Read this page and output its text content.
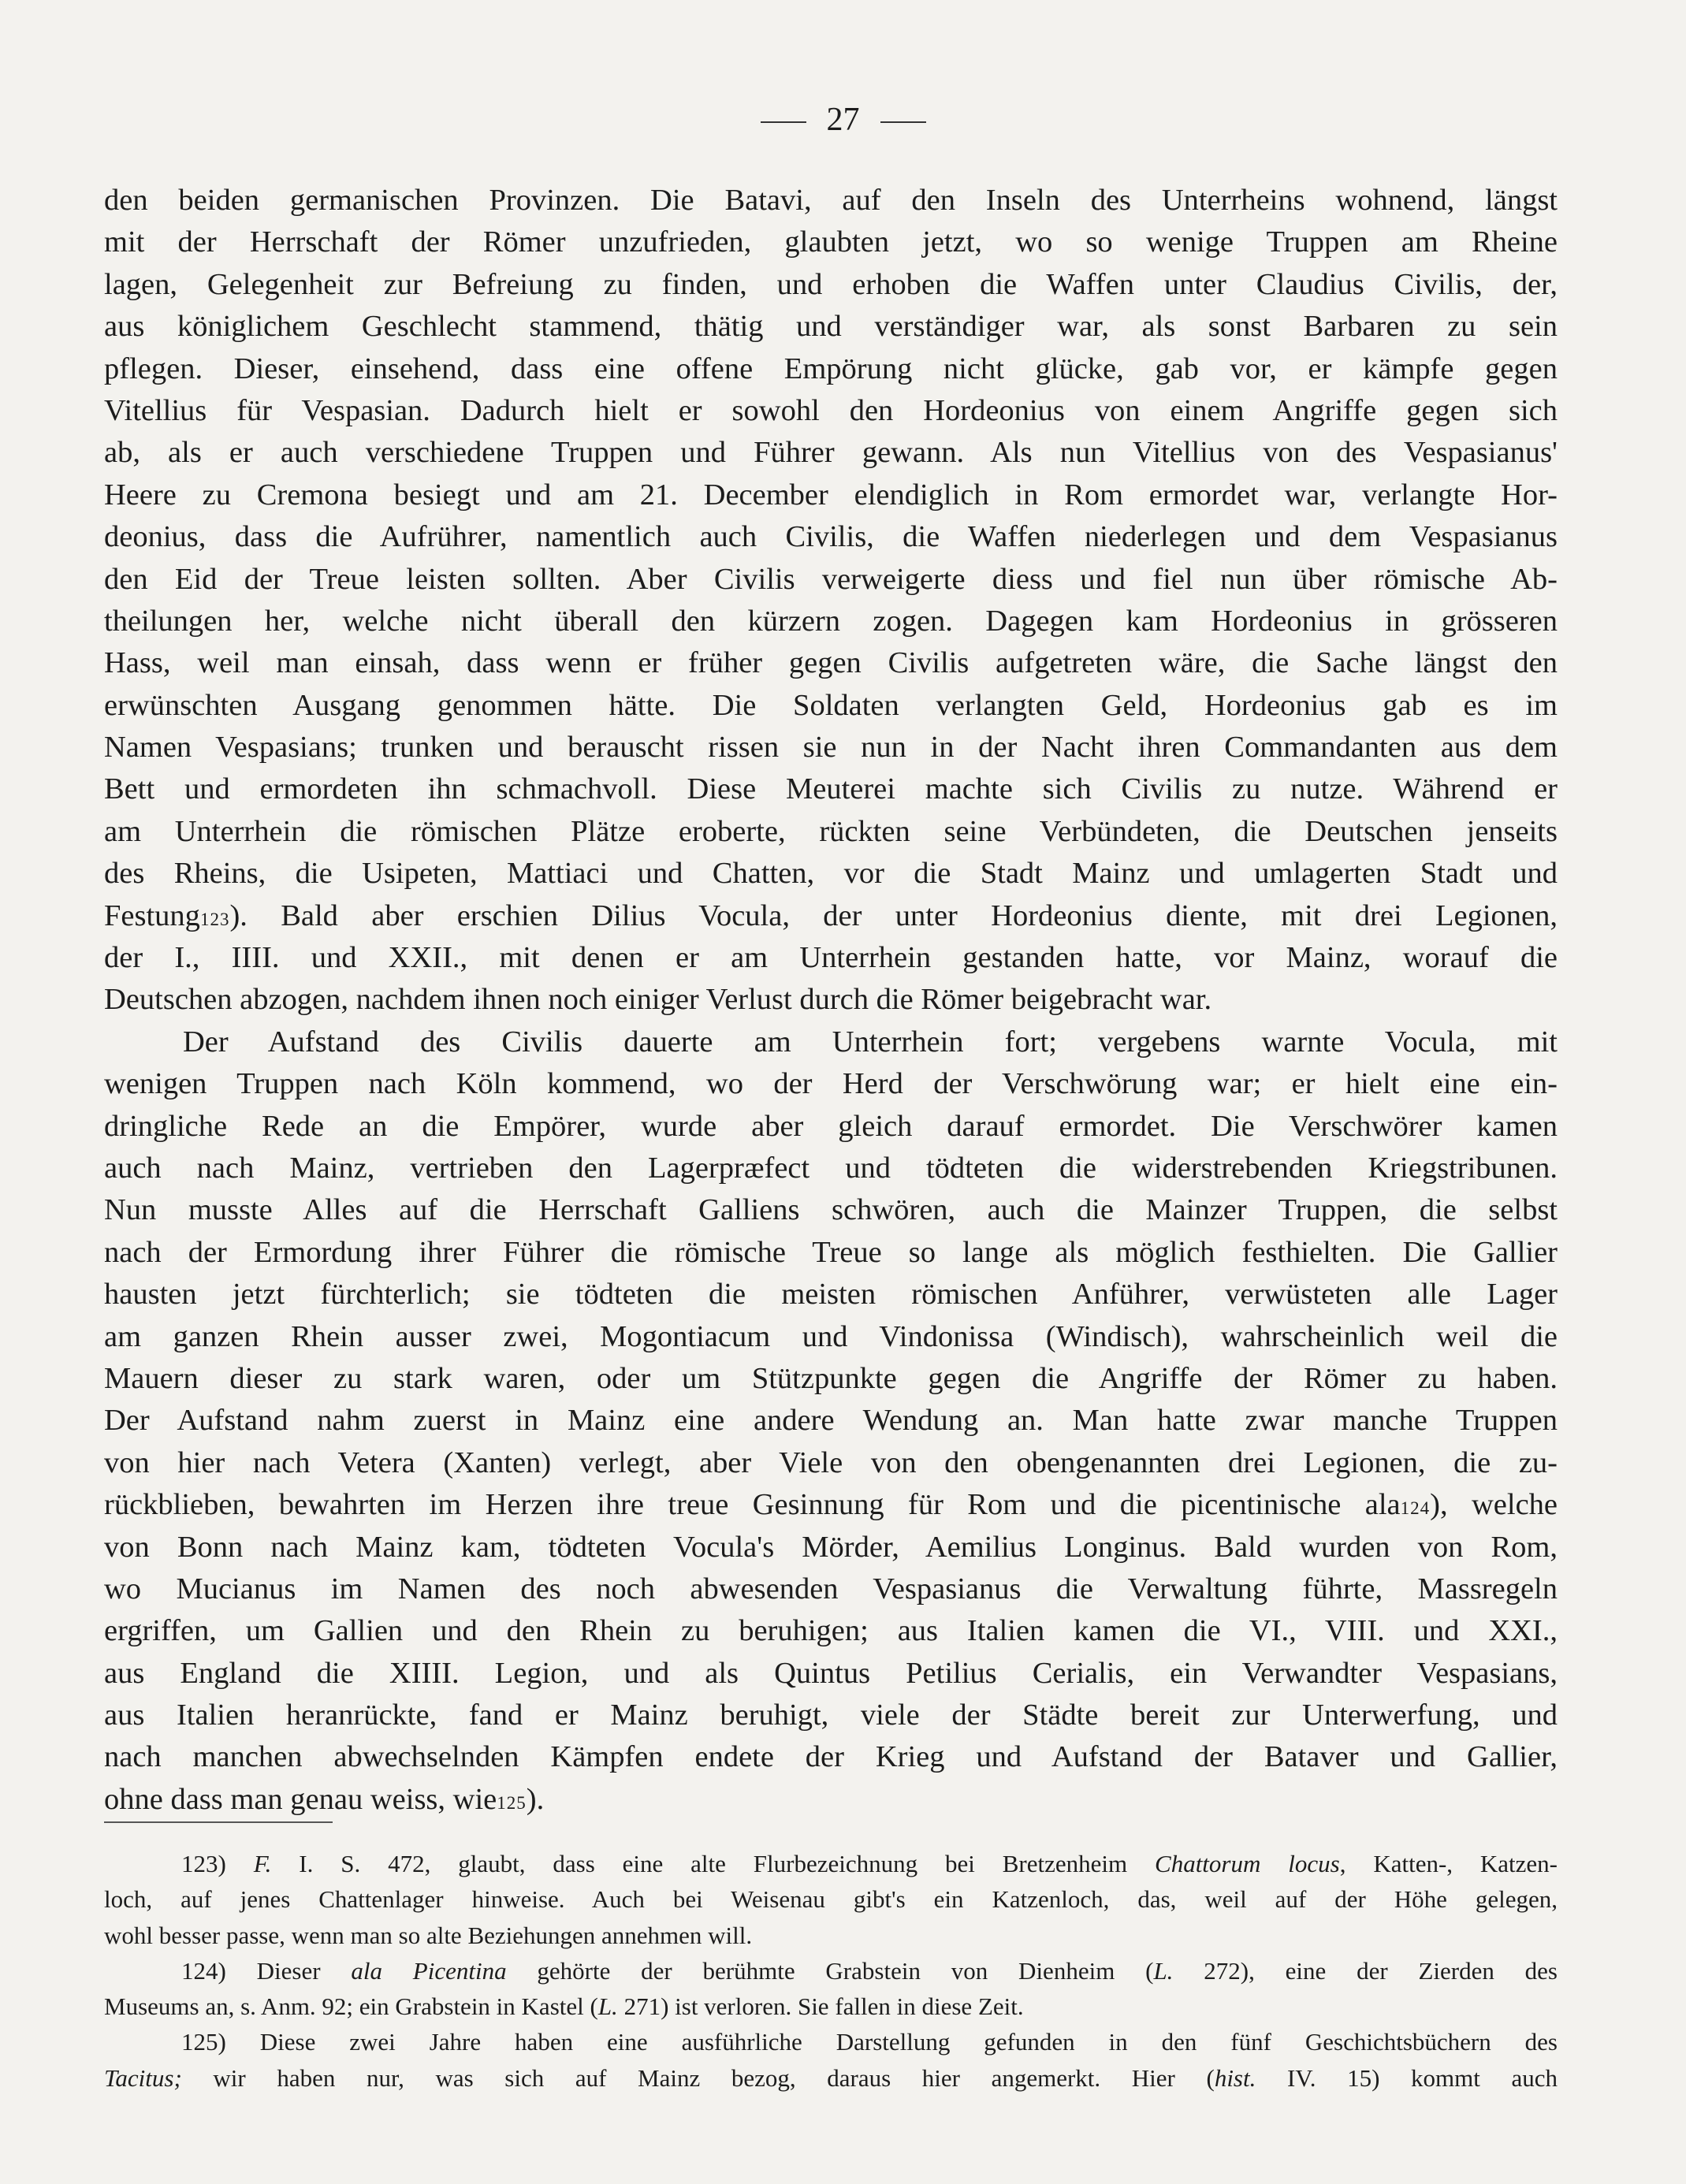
27
den beiden germanischen Provinzen. Die Batavi, auf den Inseln des Unterrheins wohnend, längst
mit der Herrschaft der Römer unzufrieden, glaubten jetzt, wo so wenige Truppen am Rheine
lagen, Gelegenheit zur Befreiung zu finden, und erhoben die Waffen unter Claudius Civilis, der,
aus königlichem Geschlecht stammend, thätig und verständiger war, als sonst Barbaren zu sein
pflegen. Dieser, einsehend, dass eine offene Empörung nicht glücke, gab vor, er kämpfe gegen
Vitellius für Vespasian. Dadurch hielt er sowohl den Hordeonius von einem Angriffe gegen sich
ab, als er auch verschiedene Truppen und Führer gewann. Als nun Vitellius von des Vespasianus'
Heere zu Cremona besiegt und am 21. December elendiglich in Rom ermordet war, verlangte Hor-
deonius, dass die Aufrührer, namentlich auch Civilis, die Waffen niederlegen und dem Vespasianus
den Eid der Treue leisten sollten. Aber Civilis verweigerte diess und fiel nun über römische Ab-
theilungen her, welche nicht überall den kürzern zogen. Dagegen kam Hordeonius in grösseren
Hass, weil man einsah, dass wenn er früher gegen Civilis aufgetreten wäre, die Sache längst den
erwünschten Ausgang genommen hätte. Die Soldaten verlangten Geld, Hordeonius gab es im
Namen Vespasians; trunken und berauscht rissen sie nun in der Nacht ihren Commandanten aus dem
Bett und ermordeten ihn schmachvoll. Diese Meuterei machte sich Civilis zu nutze. Während er
am Unterrhein die römischen Plätze eroberte, rückten seine Verbündeten, die Deutschen jenseits
des Rheins, die Usipeten, Mattiaci und Chatten, vor die Stadt Mainz und umlagerten Stadt und
Festung123). Bald aber erschien Dilius Vocula, der unter Hordeonius diente, mit drei Legionen,
der I., IIII. und XXII., mit denen er am Unterrhein gestanden hatte, vor Mainz, worauf die
Deutschen abzogen, nachdem ihnen noch einiger Verlust durch die Römer beigebracht war.
Der Aufstand des Civilis dauerte am Unterrhein fort; vergebens warnte Vocula, mit
wenigen Truppen nach Köln kommend, wo der Herd der Verschwörung war; er hielt eine ein-
dringliche Rede an die Empörer, wurde aber gleich darauf ermordet. Die Verschwörer kamen
auch nach Mainz, vertrieben den Lagerpræfect und tödteten die widerstrebenden Kriegstribunen.
Nun musste Alles auf die Herrschaft Galliens schwören, auch die Mainzer Truppen, die selbst
nach der Ermordung ihrer Führer die römische Treue so lange als möglich festhielten. Die Gallier
hausten jetzt fürchterlich; sie tödteten die meisten römischen Anführer, verwüsteten alle Lager
am ganzen Rhein ausser zwei, Mogontiacum und Vindonissa (Windisch), wahrscheinlich weil die
Mauern dieser zu stark waren, oder um Stützpunkte gegen die Angriffe der Römer zu haben.
Der Aufstand nahm zuerst in Mainz eine andere Wendung an. Man hatte zwar manche Truppen
von hier nach Vetera (Xanten) verlegt, aber Viele von den obengenannten drei Legionen, die zu-
rückblieben, bewahrten im Herzen ihre treue Gesinnung für Rom und die picentinische ala124), welche
von Bonn nach Mainz kam, tödteten Vocula's Mörder, Aemilius Longinus. Bald wurden von Rom,
wo Mucianus im Namen des noch abwesenden Vespasianus die Verwaltung führte, Massregeln
ergriffen, um Gallien und den Rhein zu beruhigen; aus Italien kamen die VI., VIII. und XXI.,
aus England die XIIII. Legion, und als Quintus Petilius Cerialis, ein Verwandter Vespasians,
aus Italien heranrückte, fand er Mainz beruhigt, viele der Städte bereit zur Unterwerfung, und
nach manchen abwechselnden Kämpfen endete der Krieg und Aufstand der Bataver und Gallier,
ohne dass man genau weiss, wie125).
123) F. I. S. 472, glaubt, dass eine alte Flurbezeichnung bei Bretzenheim Chattorum locus, Katten-, Katzen-
loch, auf jenes Chattenlager hinweise. Auch bei Weisenau gibt's ein Katzenloch, das, weil auf der Höhe gelegen,
wohl besser passe, wenn man so alte Beziehungen annehmen will.
124) Dieser ala Picentina gehörte der berühmte Grabstein von Dienheim (L. 272), eine der Zierden des
Museums an, s. Anm. 92; ein Grabstein in Kastel (L. 271) ist verloren. Sie fallen in diese Zeit.
125) Diese zwei Jahre haben eine ausführliche Darstellung gefunden in den fünf Geschichtsbüchern des
Tacitus; wir haben nur, was sich auf Mainz bezog, daraus hier angemerkt. Hier (hist. IV. 15) kommt auch
